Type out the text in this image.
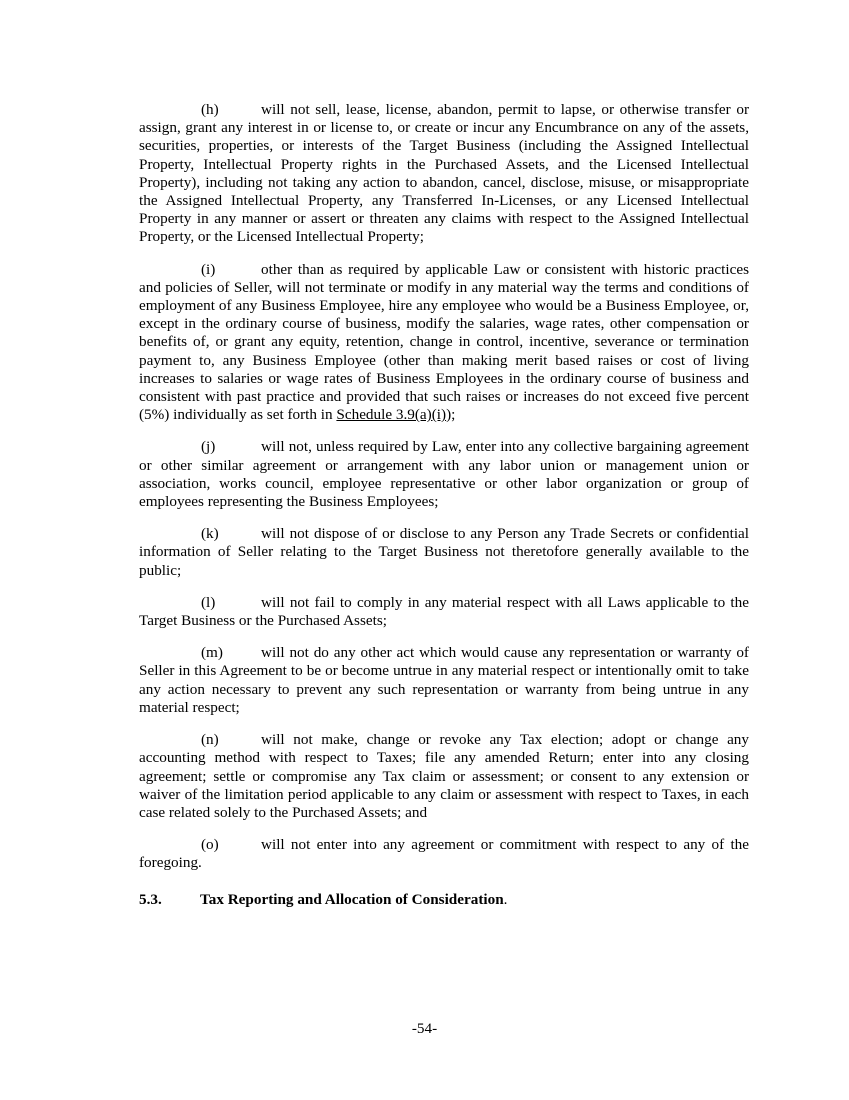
(h)	will not sell, lease, license, abandon, permit to lapse, or otherwise transfer or assign, grant any interest in or license to, or create or incur any Encumbrance on any of the assets, securities, properties, or interests of the Target Business (including the Assigned Intellectual Property, Intellectual Property rights in the Purchased Assets, and the Licensed Intellectual Property), including not taking any action to abandon, cancel, disclose, misuse, or misappropriate the Assigned Intellectual Property, any Transferred In-Licenses, or any Licensed Intellectual Property in any manner or assert or threaten any claims with respect to the Assigned Intellectual Property, or the Licensed Intellectual Property;

(i)	other than as required by applicable Law or consistent with historic practices and policies of Seller, will not terminate or modify in any material way the terms and conditions of employment of any Business Employee, hire any employee who would be a Business Employee, or, except in the ordinary course of business, modify the salaries, wage rates, other compensation or benefits of, or grant any equity, retention, change in control, incentive, severance or termination payment to, any Business Employee (other than making merit based raises or cost of living increases to salaries or wage rates of Business Employees in the ordinary course of business and consistent with past practice and provided that such raises or increases do not exceed five percent (5%) individually as set forth in Schedule 3.9(a)(i));

(j)	will not, unless required by Law, enter into any collective bargaining agreement or other similar agreement or arrangement with any labor union or management union or association, works council, employee representative or other labor organization or group of employees representing the Business Employees;

(k)	will not dispose of or disclose to any Person any Trade Secrets or confidential information of Seller relating to the Target Business not theretofore generally available to the public;

(l)	will not fail to comply in any material respect with all Laws applicable to the Target Business or the Purchased Assets;

(m)	will not do any other act which would cause any representation or warranty of Seller in this Agreement to be or become untrue in any material respect or intentionally omit to take any action necessary to prevent any such representation or warranty from being untrue in any material respect;

(n)	will not make, change or revoke any Tax election; adopt or change any accounting method with respect to Taxes; file any amended Return; enter into any closing agreement; settle or compromise any Tax claim or assessment; or consent to any extension or waiver of the limitation period applicable to any claim or assessment with respect to Taxes, in each case related solely to the Purchased Assets; and

(o)	will not enter into any agreement or commitment with respect to any of the foregoing.

5.3.	Tax Reporting and Allocation of Consideration.

-54-
